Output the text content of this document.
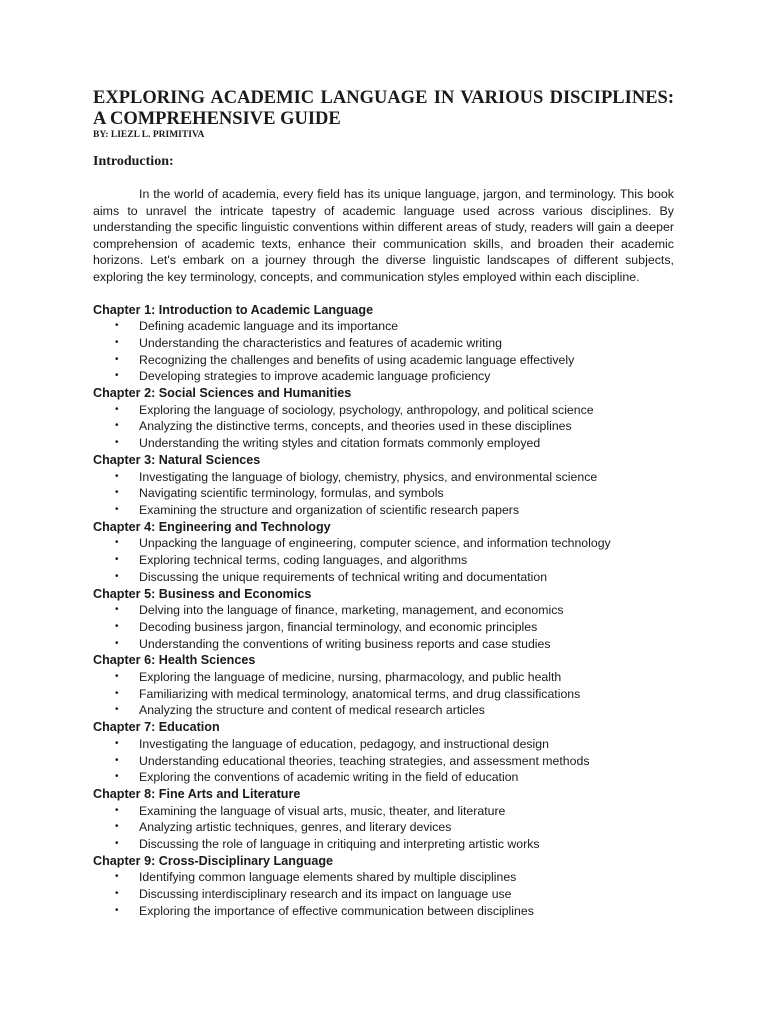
EXPLORING ACADEMIC LANGUAGE IN VARIOUS DISCIPLINES: A COMPREHENSIVE GUIDE

BY: LIEZL L. PRIMITIVA

Introduction:

In the world of academia, every field has its unique language, jargon, and terminology. This book aims to unravel the intricate tapestry of academic language used across various disciplines. By understanding the specific linguistic conventions within different areas of study, readers will gain a deeper comprehension of academic texts, enhance their communication skills, and broaden their academic horizons. Let's embark on a journey through the diverse linguistic landscapes of different subjects, exploring the key terminology, concepts, and communication styles employed within each discipline.

Chapter 1: Introduction to Academic Language

• Defining academic language and its importance
• Understanding the characteristics and features of academic writing
• Recognizing the challenges and benefits of using academic language effectively
• Developing strategies to improve academic language proficiency

Chapter 2: Social Sciences and Humanities

• Exploring the language of sociology, psychology, anthropology, and political science
• Analyzing the distinctive terms, concepts, and theories used in these disciplines
• Understanding the writing styles and citation formats commonly employed

Chapter 3: Natural Sciences

• Investigating the language of biology, chemistry, physics, and environmental science
• Navigating scientific terminology, formulas, and symbols
• Examining the structure and organization of scientific research papers

Chapter 4: Engineering and Technology

• Unpacking the language of engineering, computer science, and information technology
• Exploring technical terms, coding languages, and algorithms
• Discussing the unique requirements of technical writing and documentation

Chapter 5: Business and Economics

• Delving into the language of finance, marketing, management, and economics
• Decoding business jargon, financial terminology, and economic principles
• Understanding the conventions of writing business reports and case studies

Chapter 6: Health Sciences

• Exploring the language of medicine, nursing, pharmacology, and public health
• Familiarizing with medical terminology, anatomical terms, and drug classifications
• Analyzing the structure and content of medical research articles

Chapter 7: Education

• Investigating the language of education, pedagogy, and instructional design
• Understanding educational theories, teaching strategies, and assessment methods
• Exploring the conventions of academic writing in the field of education

Chapter 8: Fine Arts and Literature

• Examining the language of visual arts, music, theater, and literature
• Analyzing artistic techniques, genres, and literary devices
• Discussing the role of language in critiquing and interpreting artistic works

Chapter 9: Cross-Disciplinary Language

• Identifying common language elements shared by multiple disciplines
• Discussing interdisciplinary research and its impact on language use
• Exploring the importance of effective communication between disciplines
